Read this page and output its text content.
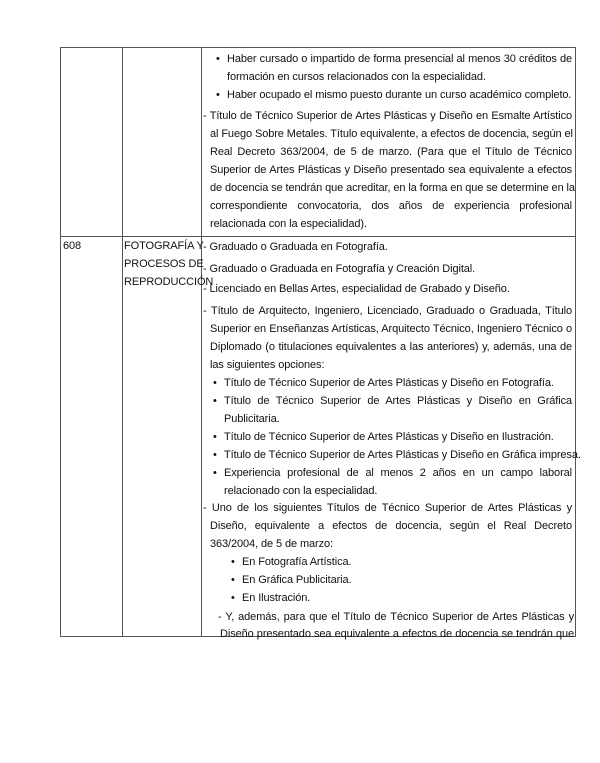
• Haber cursado o impartido de forma presencial al menos 30 créditos de
formación en cursos relacionados con la especialidad.
• Haber ocupado el mismo puesto durante un curso académico completo.
- Título de Técnico Superior de Artes Plásticas y Diseño en Esmalte Artístico
al Fuego Sobre Metales. Título equivalente, a efectos de docencia, según el
Real Decreto 363/2004, de 5 de marzo. (Para que el Título de Técnico
Superior de Artes Plásticas y Diseño presentado sea equivalente a efectos
de docencia se tendrán que acreditar, en la forma en que se determine en la
correspondiente convocatoria, dos años de experiencia profesional
relacionada con la especialidad).
608	FOTOGRAFÍA Y
PROCESOS DE
REPRODUCCIÓN
- Graduado o Graduada en Fotografía.
- Graduado o Graduada en Fotografía y Creación Digital.
- Licenciado en Bellas Artes, especialidad de Grabado y Diseño.
- Título de Arquitecto, Ingeniero, Licenciado, Graduado o Graduada, Título
Superior en Enseñanzas Artísticas, Arquitecto Técnico, Ingeniero Técnico o
Diplomado (o titulaciones equivalentes a las anteriores) y, además, una de
las siguientes opciones:
• Título de Técnico Superior de Artes Plásticas y Diseño en Fotografía.
• Título de Técnico Superior de Artes Plásticas y Diseño en Gráfica
Publicitaria.
• Título de Técnico Superior de Artes Plásticas y Diseño en Ilustración.
• Título de Técnico Superior de Artes Plásticas y Diseño en Gráfica impresa.
• Experiencia profesional de al menos 2 años en un campo laboral
relacionado con la especialidad.
- Uno de los siguientes Títulos de Técnico Superior de Artes Plásticas y
Diseño, equivalente a efectos de docencia, según el Real Decreto
363/2004, de 5 de marzo:
• En Fotografía Artística.
• En Gráfica Publicitaria.
• En Ilustración.
- Y, además, para que el Título de Técnico Superior de Artes Plásticas y
Diseño presentado sea equivalente a efectos de docencia se tendrán que
